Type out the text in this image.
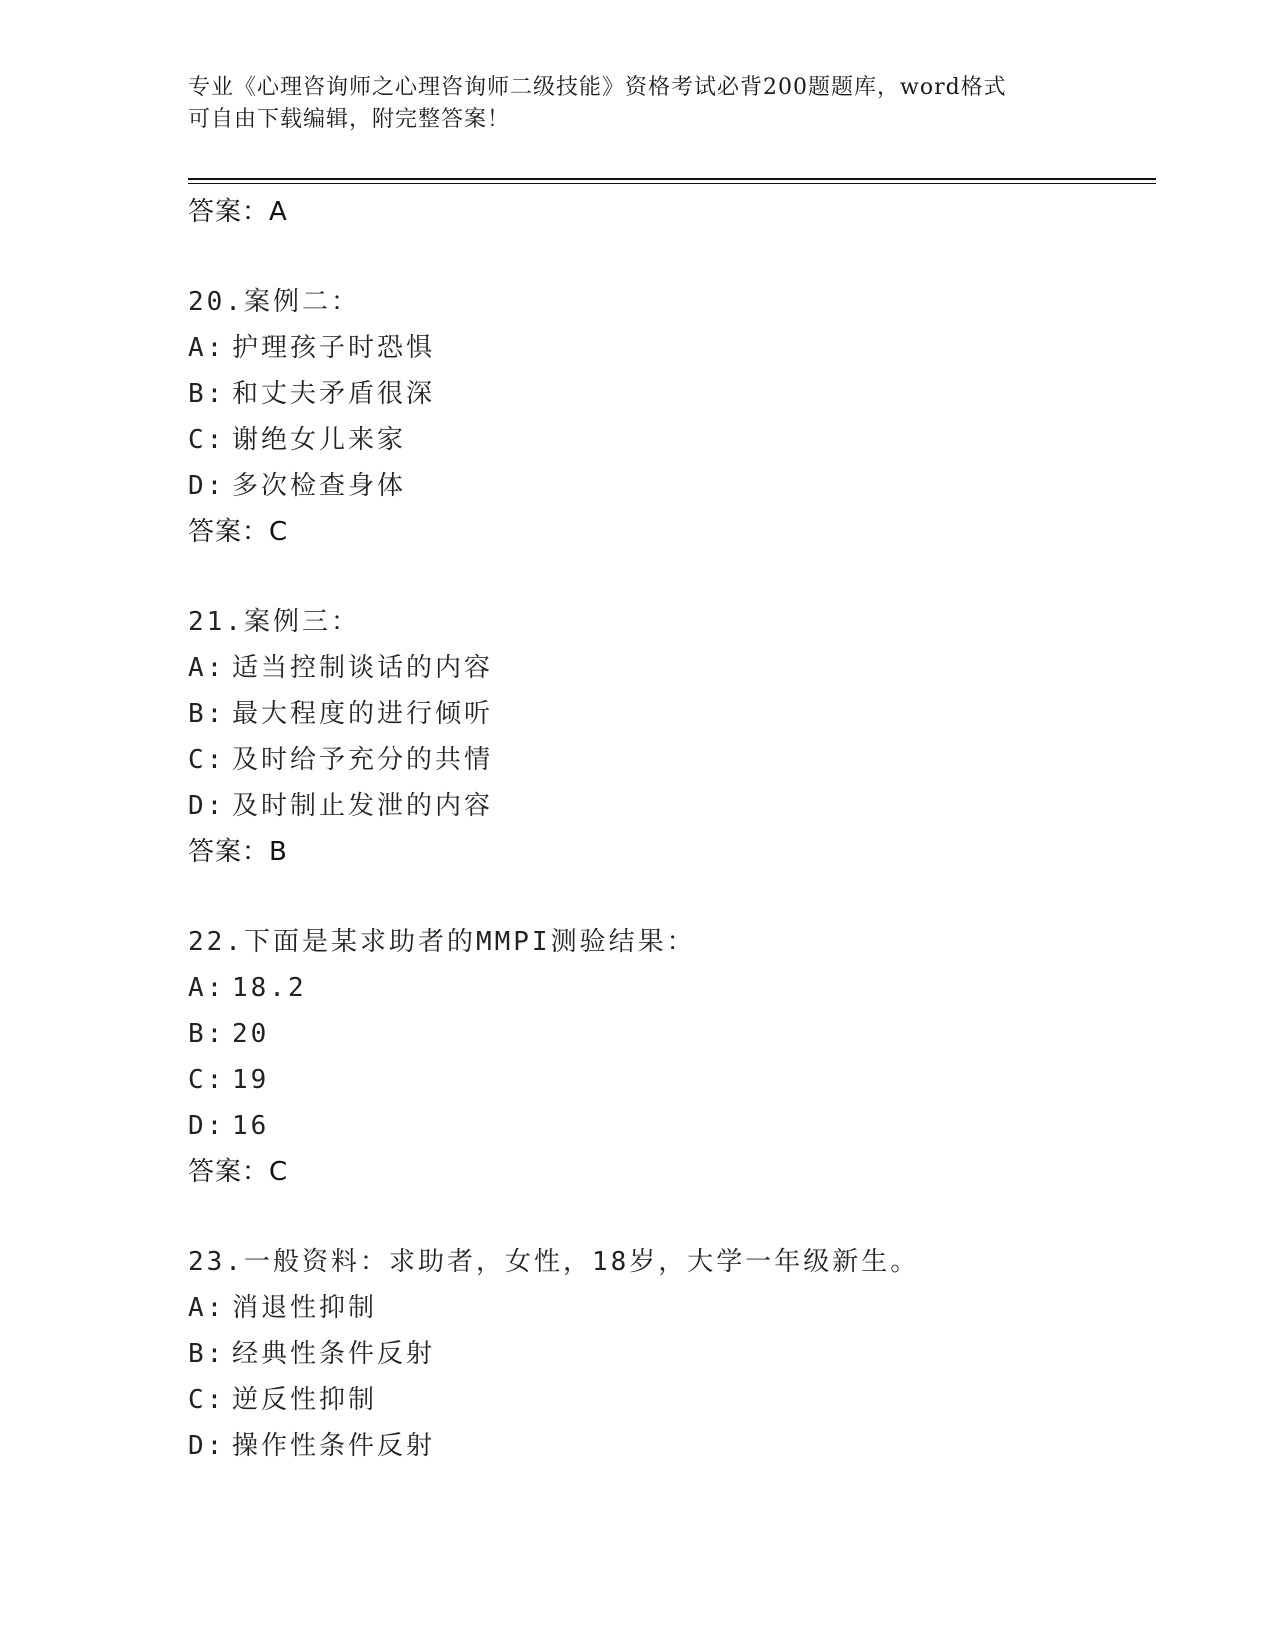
专业《心理咨询师之心理咨询师二级技能》资格考试必背200题题库，word格式
可自由下载编辑，附完整答案！
答案：A
20.案例二：
A: 护理孩子时恐惧
B: 和丈夫矛盾很深
C: 谢绝女儿来家
D: 多次检查身体
答案：C
21.案例三：
A: 适当控制谈话的内容
B: 最大程度的进行倾听
C: 及时给予充分的共情
D: 及时制止发泄的内容
答案：B
22.下面是某求助者的MMPI测验结果：
A: 18.2
B: 20
C: 19
D: 16
答案：C
23.一般资料：求助者，女性，18岁，大学一年级新生。
A: 消退性抑制
B: 经典性条件反射
C: 逆反性抑制
D: 操作性条件反射
